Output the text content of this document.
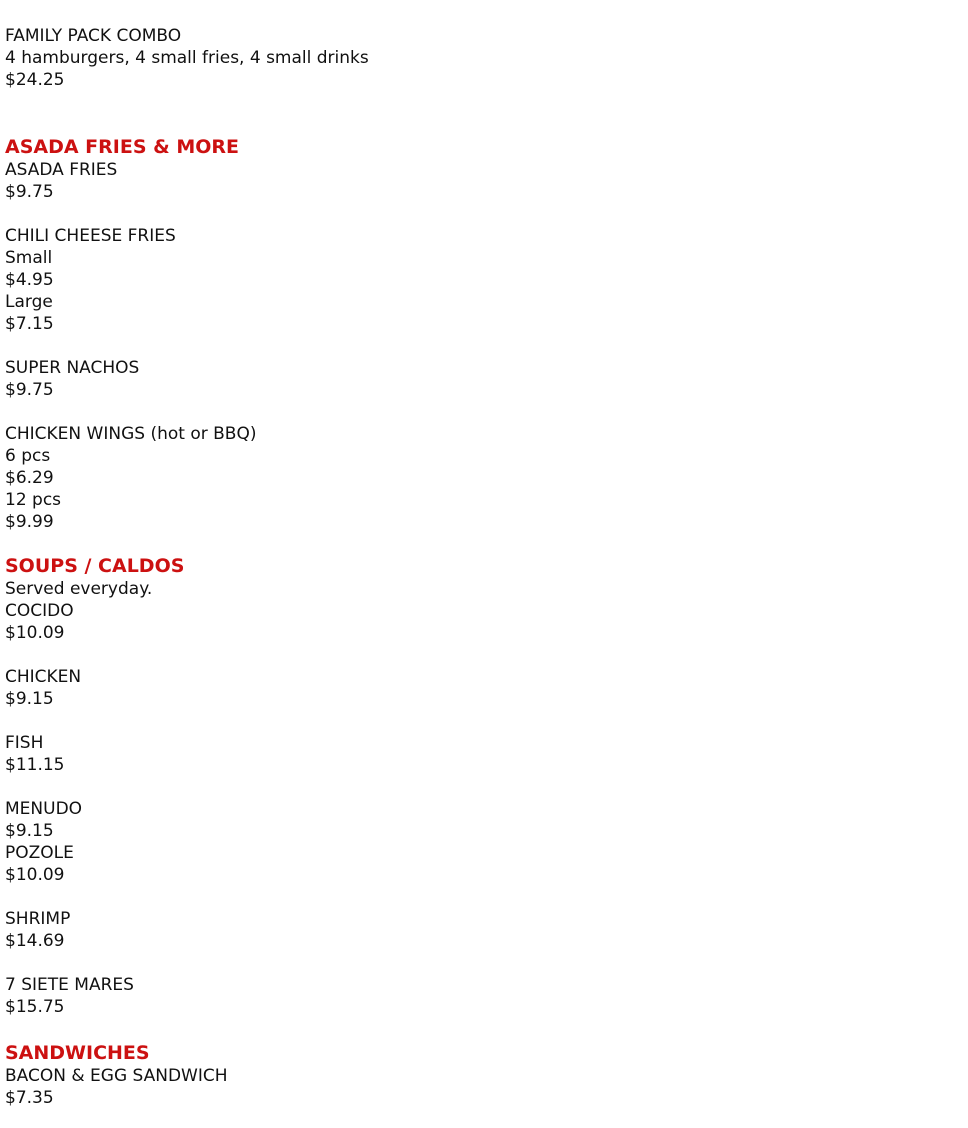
FAMILY PACK COMBO
4 hamburgers, 4 small fries, 4 small drinks
$24.25
ASADA FRIES & MORE
ASADA FRIES
$9.75
CHILI CHEESE FRIES
Small
$4.95
Large
$7.15
SUPER NACHOS
$9.75
CHICKEN WINGS (hot or BBQ)
6 pcs
$6.29
12 pcs
$9.99
SOUPS / CALDOS
Served everyday.
COCIDO
$10.09
CHICKEN
$9.15
FISH
$11.15
MENUDO
$9.15
POZOLE
$10.09
SHRIMP
$14.69
7 SIETE MARES
$15.75
SANDWICHES
BACON & EGG SANDWICH
$7.35
